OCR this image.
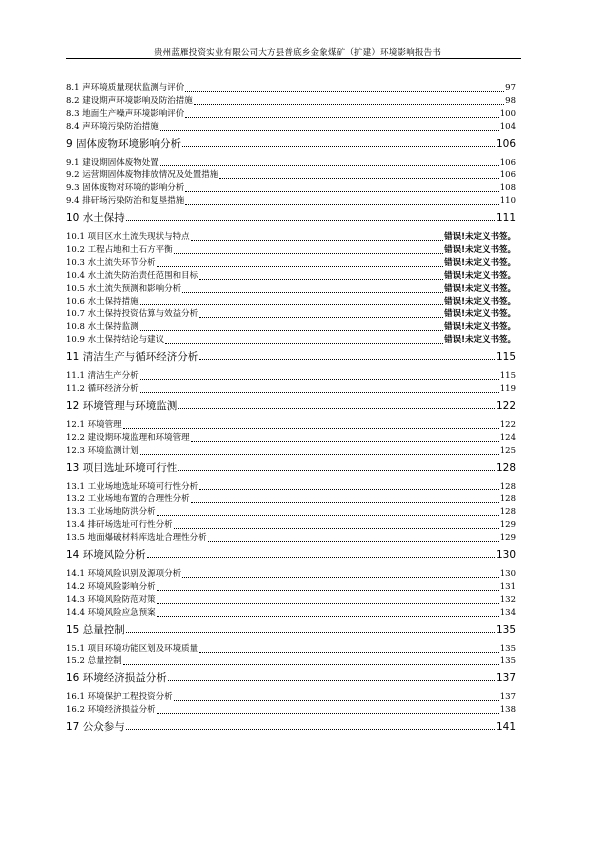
贵州蓝雁投资实业有限公司大方县普底乡金象煤矿（扩建）环境影响报告书
8.1 声环境质量现状监测与评价	97
8.2 建设期声环境影响及防治措施	98
8.3 地面生产噪声环境影响评价	100
8.4 声环境污染防治措施	104
9 固体废物环境影响分析	106
9.1 建设期固体废物处置	106
9.2 运营期固体废物排放情况及处置措施	106
9.3 固体废物对环境的影响分析	108
9.4 排矸场污染防治和复垦措施	110
10 水土保持	111
10.1 项目区水土流失现状与特点	错误!未定义书签。
10.2 工程占地和土石方平衡	错误!未定义书签。
10.3 水土流失环节分析	错误!未定义书签。
10.4 水土流失防治责任范围和目标	错误!未定义书签。
10.5 水土流失预测和影响分析	错误!未定义书签。
10.6 水土保持措施	错误!未定义书签。
10.7 水土保持投资估算与效益分析	错误!未定义书签。
10.8 水土保持监测	错误!未定义书签。
10.9 水土保持结论与建议	错误!未定义书签。
11 清洁生产与循环经济分析	115
11.1 清洁生产分析	115
11.2 循环经济分析	119
12 环境管理与环境监测	122
12.1 环境管理	122
12.2 建设期环境监理和环境管理	124
12.3 环境监测计划	125
13 项目选址环境可行性	128
13.1 工业场地选址环境可行性分析	128
13.2 工业场地布置的合理性分析	128
13.3 工业场地防洪分析	128
13.4 排矸场选址可行性分析	129
13.5 地面爆破材料库选址合理性分析	129
14 环境风险分析	130
14.1 环境风险识别及源项分析	130
14.2 环境风险影响分析	131
14.3 环境风险防范对策	132
14.4 环境风险应急预案	134
15 总量控制	135
15.1 项目环境功能区划及环境质量	135
15.2 总量控制	135
16 环境经济损益分析	137
16.1 环境保护工程投资分析	137
16.2 环境经济损益分析	138
17 公众参与	141
